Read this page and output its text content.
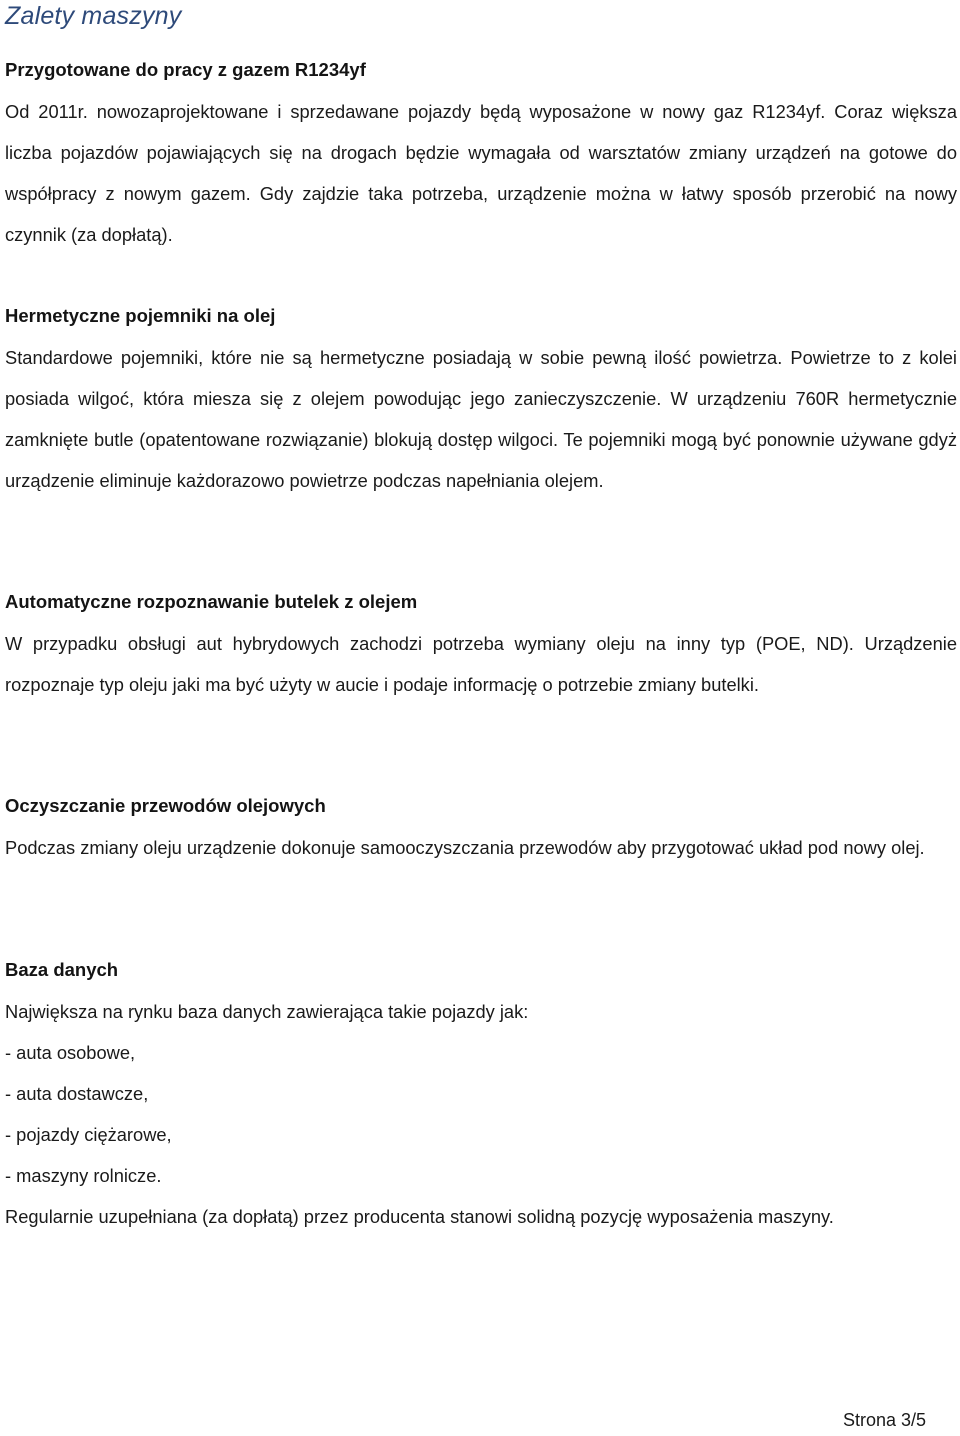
Zalety maszyny
Przygotowane do pracy z gazem R1234yf

Od 2011r. nowozaprojektowane i sprzedawane pojazdy będą wyposażone w nowy gaz R1234yf. Coraz większa liczba pojazdów pojawiających się na drogach będzie wymagała od warsztatów zmiany urządzeń na gotowe do współpracy z nowym gazem. Gdy zajdzie taka potrzeba, urządzenie można w łatwy sposób przerobić na nowy czynnik (za dopłatą).

Hermetyczne pojemniki na olej

Standardowe pojemniki, które nie są hermetyczne posiadają w sobie pewną ilość powietrza. Powietrze to z kolei posiada wilgoć, która miesza się z olejem powodując jego zanieczyszczenie. W urządzeniu 760R hermetycznie zamknięte butle (opatentowane rozwiązanie) blokują dostęp wilgoci. Te pojemniki mogą być ponownie używane gdyż urządzenie eliminuje każdorazowo powietrze podczas napełniania olejem.

Automatyczne rozpoznawanie butelek z olejem

W przypadku obsługi aut hybrydowych zachodzi potrzeba wymiany oleju na inny typ (POE, ND). Urządzenie rozpoznaje typ oleju jaki ma być użyty w aucie i podaje informację o potrzebie zmiany butelki.

Oczyszczanie przewodów olejowych

Podczas zmiany oleju urządzenie dokonuje samooczyszczania przewodów aby przygotować układ pod nowy olej.

Baza danych

Największa na rynku baza danych zawierająca takie pojazdy jak:

- auta osobowe,
- auta dostawcze,
- pojazdy ciężarowe,
- maszyny rolnicze.

Regularnie uzupełniana (za dopłatą) przez producenta stanowi solidną pozycję wyposażenia maszyny.

Strona 3/5
